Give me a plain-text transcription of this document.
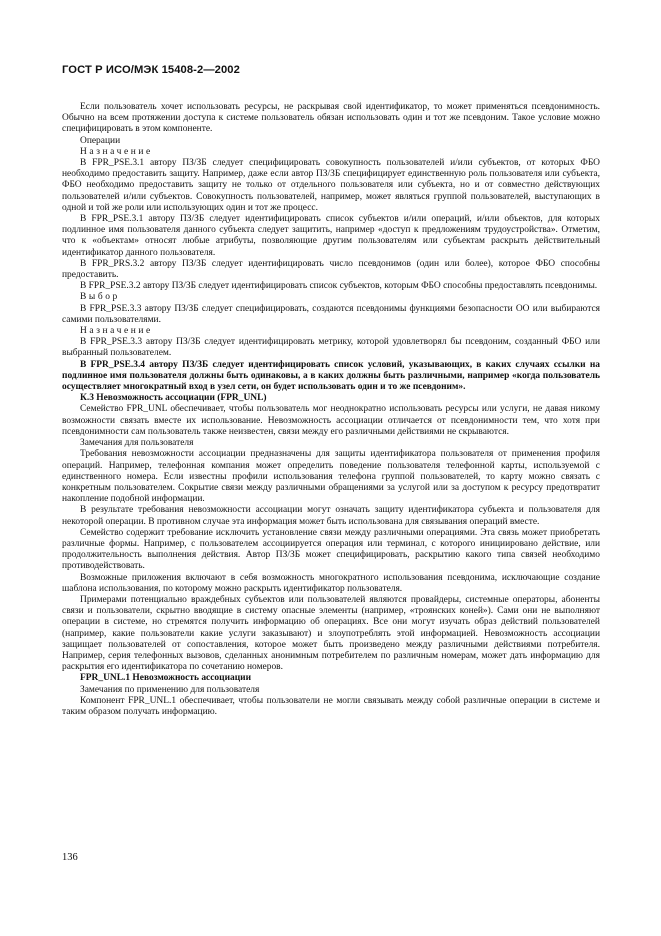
ГОСТ Р ИСО/МЭК 15408-2—2002

Если пользователь хочет использовать ресурсы, не раскрывая свой идентификатор, то может применяться псевдонимность. Обычно на всем протяжении доступа к системе пользователь обязан использовать один и тот же псевдоним. Такое условие можно специфицировать в этом компоненте.

Операции

Назначение

В FPR_PSE.3.1 автору ПЗ/ЗБ следует специфицировать совокупность пользователей и/или субъектов, от которых ФБО необходимо предоставить защиту. Например, даже если автор ПЗ/ЗБ специфицирует единственную роль пользователя или субъекта, ФБО необходимо предоставить защиту не только от отдельного пользователя или субъекта, но и от совместно действующих пользователей и/или субъектов. Совокупность пользователей, например, может являться группой пользователей, выступающих в одной и той же роли или использующих один и тот же процесс.

В FPR_PSE.3.1 автору ПЗ/ЗБ следует идентифицировать список субъектов и/или операций, и/или объектов, для которых подлинное имя пользователя данного субъекта следует защитить, например «доступ к предложениям трудоустройства». Отметим, что к «объектам» относят любые атрибуты, позволяющие другим пользователям или субъектам раскрыть действительный идентификатор данного пользователя.

В FPR_PRS.3.2 автору ПЗ/ЗБ следует идентифицировать число псевдонимов (один или более), которое ФБО способны предоставить.

В FPR_PSE.3.2 автору ПЗ/ЗБ следует идентифицировать список субъектов, которым ФБО способны предоставлять псевдонимы.

Выбор

В FPR_PSE.3.3 автору ПЗ/ЗБ следует специфицировать, создаются псевдонимы функциями безопасности ОО или выбираются самими пользователями.

Назначение

В FPR_PSE.3.3 автору ПЗ/ЗБ следует идентифицировать метрику, которой удовлетворял бы псевдоним, созданный ФБО или выбранный пользователем.

В FPR_PSE.3.4 автору ПЗ/ЗБ следует идентифицировать список условий, указывающих, в каких случаях ссылки на подлинное имя пользователя должны быть одинаковы, а в каких должны быть различными, например «когда пользователь осуществляет многократный вход в узел сети, он будет использовать один и то же псевдоним».

К.3 Невозможность ассоциации (FPR_UNL)

Семейство FPR_UNL обеспечивает, чтобы пользователь мог неоднократно использовать ресурсы или услуги, не давая никому возможности связать вместе их использование. Невозможность ассоциации отличается от псевдонимности тем, что хотя при псевдонимности сам пользователь также неизвестен, связи между его различными действиями не скрываются.

Замечания для пользователя

Требования невозможности ассоциации предназначены для защиты идентификатора пользователя от применения профиля операций. Например, телефонная компания может определить поведение пользователя телефонной карты, используемой с единственного номера. Если известны профили использования телефона группой пользователей, то карту можно связать с конкретным пользователем. Сокрытие связи между различными обращениями за услугой или за доступом к ресурсу предотвратит накопление подобной информации.

В результате требования невозможности ассоциации могут означать защиту идентификатора субъекта и пользователя для некоторой операции. В противном случае эта информация может быть использована для связывания операций вместе.

Семейство содержит требование исключить установление связи между различными операциями. Эта связь может приобретать различные формы. Например, с пользователем ассоциируется операция или терминал, с которого инициировано действие, или продолжительность выполнения действия. Автор ПЗ/ЗБ может специфицировать, раскрытию какого типа связей необходимо противодействовать.

Возможные приложения включают в себя возможность многократного использования псевдонима, исключающие создание шаблона использования, по которому можно раскрыть идентификатор пользователя.

Примерами потенциально враждебных субъектов или пользователей являются провайдеры, системные операторы, абоненты связи и пользователи, скрытно вводящие в систему опасные элементы (например, «троянских коней»). Сами они не выполняют операции в системе, но стремятся получить информацию об операциях. Все они могут изучать образ действий пользователей (например, какие пользователи какие услуги заказывают) и злоупотреблять этой информацией. Невозможность ассоциации защищает пользователей от сопоставления, которое может быть произведено между различными действиями потребителя. Например, серия телефонных вызовов, сделанных анонимным потребителем по различным номерам, может дать информацию для раскрытия его идентификатора по сочетанию номеров.

FPR_UNL.1 Невозможность ассоциации

Замечания по применению для пользователя

Компонент FPR_UNL.1 обеспечивает, чтобы пользователи не могли связывать между собой различные операции в системе и таким образом получать информацию.

136
